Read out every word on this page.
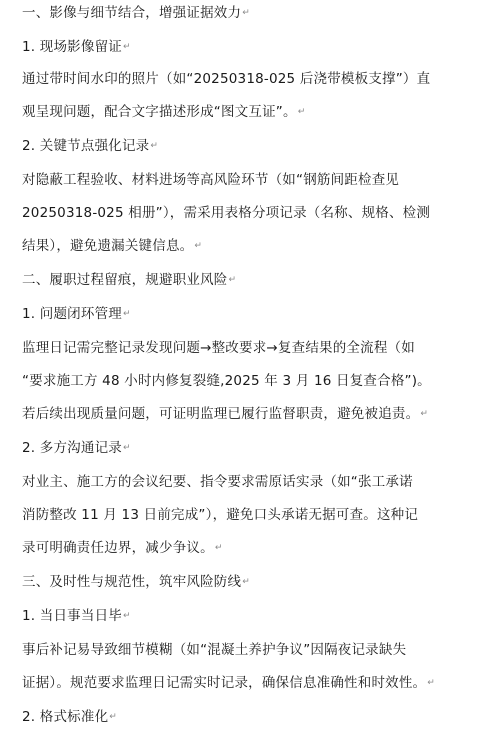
一、影像与细节结合，增强证据效力↵
1. 现场影像留证↵
通过带时间水印的照片（如“20250318-025 后浇带模板支撑”）直
观呈现问题，配合文字描述形成“图文互证”。↵
2. 关键节点强化记录↵
对隐蔽工程验收、材料进场等高风险环节（如“钢筋间距检查见
20250318-025 相册”），需采用表格分项记录（名称、规格、检测
结果），避免遗漏关键信息。↵
二、履职过程留痕，规避职业风险↵
1. 问题闭环管理↵
监理日记需完整记录发现问题→整改要求→复查结果的全流程（如
“要求施工方 48 小时内修复裂缝,2025 年 3 月 16 日复查合格”)。
若后续出现质量问题，可证明监理已履行监督职责，避免被追责。↵
2. 多方沟通记录↵
对业主、施工方的会议纪要、指令要求需原话实录（如“张工承诺
消防整改 11 月 13 日前完成”），避免口头承诺无据可查。这种记
录可明确责任边界，减少争议。↵
三、及时性与规范性，筑牢风险防线↵
1. 当日事当日毕↵
事后补记易导致细节模糊（如“混凝土养护争议”因隔夜记录缺失
证据）。规范要求监理日记需实时记录，确保信息准确性和时效性。↵
2. 格式标准化↵
